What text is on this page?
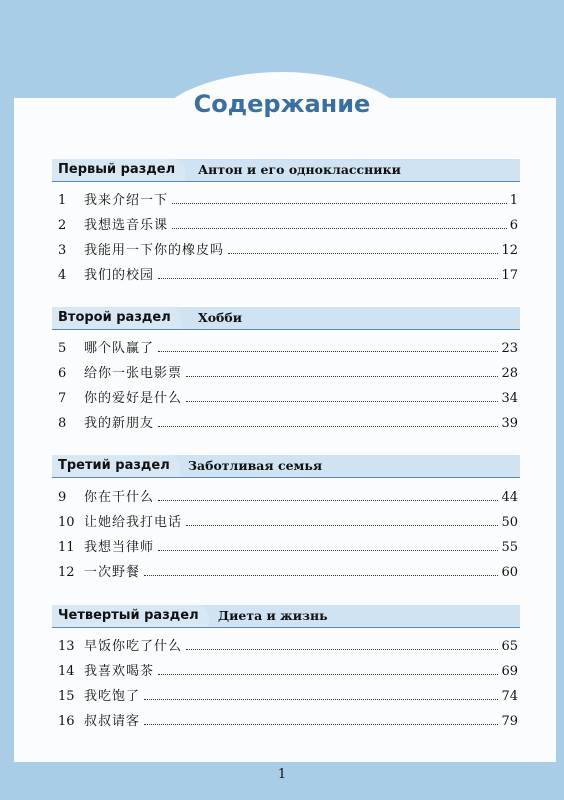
Содержание
Первый раздел	Антон и его одноклассники
1	我来介绍一下	1
2	我想选音乐课	6
3	我能用一下你的橡皮吗	12
4	我们的校园	17
Второй раздел	Хобби
5	哪个队赢了	23
6	给你一张电影票	28
7	你的爱好是什么	34
8	我的新朋友	39
Третий раздел	Заботливая семья
9	你在干什么	44
10 让她给我打电话	50
11 我想当律师	55
12 一次野餐	60
Четвертый раздел	Диета и жизнь
13 早饭你吃了什么	65
14 我喜欢喝茶	69
15 我吃饱了	74
16 叔叔请客	79
1
